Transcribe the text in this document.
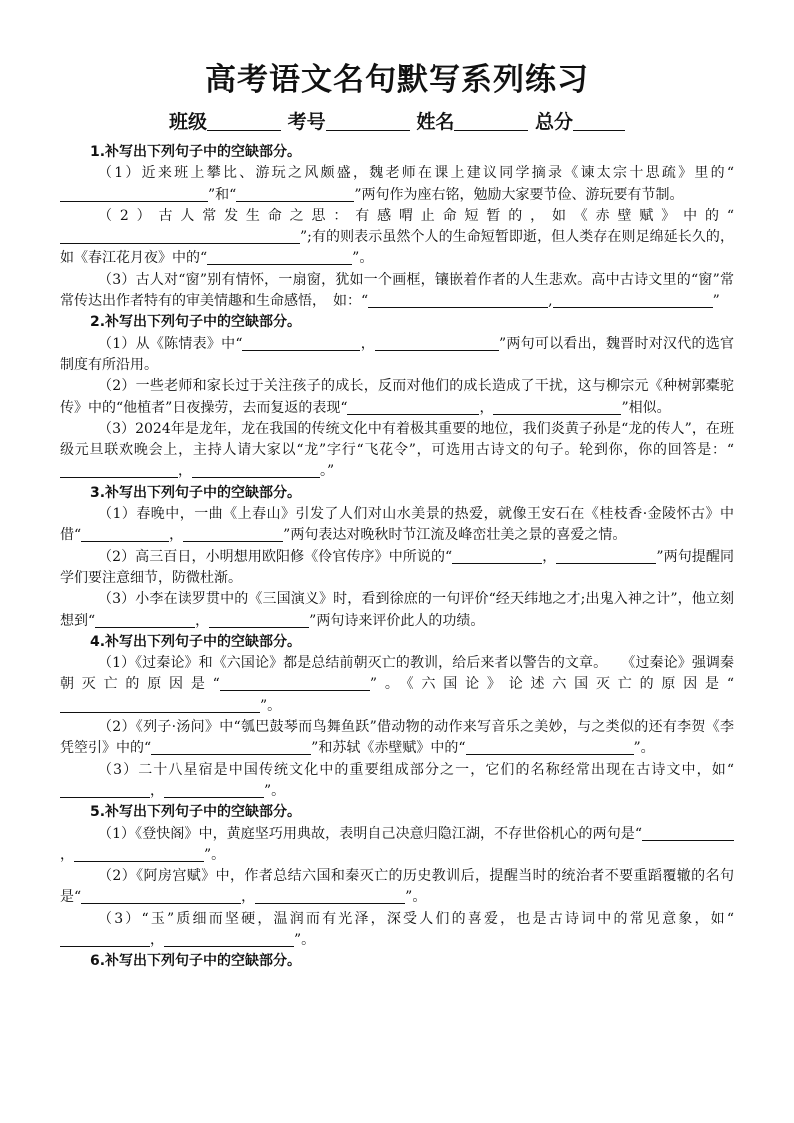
高考语文名句默写系列练习
班级	考号	姓名	总分

1.补写出下列句子中的空缺部分。

（1）近来班上攀比、游玩之风颇盛，魏老师在课上建议同学摘录《谏太宗十思疏》里的“”和“	”两句作为座右铭，勉励大家要节俭、游玩要有节制。

（2）古人常发生命之思：有感喟止命短暂的，如《赤壁赋》中的“”;有的则表示虽然个人的生命短暂即逝，但人类存在则足绵延长久的，如《春江花月夜》中的“	”。

（3）古人对“窗”别有情怀，一扇窗，犹如一个画框，镶嵌着作者的人生悲欢。高中古诗文里的“窗”常常传达出作者特有的审美情趣和生命感悟，　如：“	,	”

2.补写出下列句子中的空缺部分。

（1）从《陈情表》中“	，	”两句可以看出，魏晋时对汉代的选官制度有所沿用。

（2）一些老师和家长过于关注孩子的成长，反而对他们的成长造成了干扰，这与柳宗元《种树郭橐驼传》中的“他植者”日夜操劳，去而复返的表现“	，	”相似。

（3）2024年是龙年，龙在我国的传统文化中有着极其重要的地位，我们炎黄子孙是“龙的传人”，在班级元旦联欢晚会上，主持人请大家以“龙”字行“飞花令”，可选用古诗文的句子。轮到你，你的回答是：“，	。”

3.补写出下列句子中的空缺部分。

（1）春晚中，一曲《上春山》引发了人们对山水美景的热爱，就像王安石在《桂枝香·金陵怀古》中借“	，	”两句表达对晚秋时节江流及峰峦壮美之景的喜爱之情。

（2）高三百日，小明想用欧阳修《伶官传序》中所说的“	，	”两句提醒同学们要注意细节，防微杜渐。

（3）小李在读罗贯中的《三国演义》时，看到徐庶的一句评价“经天纬地之才;出鬼入神之计”，他立刻想到“	，	”两句诗来评价此人的功绩。

4.补写出下列句子中的空缺部分。

（1）《过秦论》和《六国论》都是总结前朝灭亡的教训，给后来者以警告的文章。　　《过秦论》强调秦朝灭亡的原因是“	”。《六国论》论述六国灭亡的原因是“”。

（2）《列子·汤问》中“瓠巴鼓琴而鸟舞鱼跃”借动物的动作来写音乐之美妙，与之类似的还有李贺《李凭箜引》中的“	”和苏轼《赤壁赋》中的“	”。

（3）二十八星宿是中国传统文化中的重要组成部分之一，它们的名称经常出现在古诗文中，如“，	”。

5.补写出下列句子中的空缺部分。

（1）《登快阁》中，黄庭坚巧用典故，表明自己决意归隐江湖，不存世俗机心的两句是“，	”。

（2）《阿房宫赋》中，作者总结六国和秦灭亡的历史教训后，提醒当时的统治者不要重蹈覆辙的名句是“	，	”。

（3）“玉”质细而坚硬，温润而有光泽，深受人们的喜爱，也是古诗词中的常见意象，如“，	”。

6.补写出下列句子中的空缺部分。
